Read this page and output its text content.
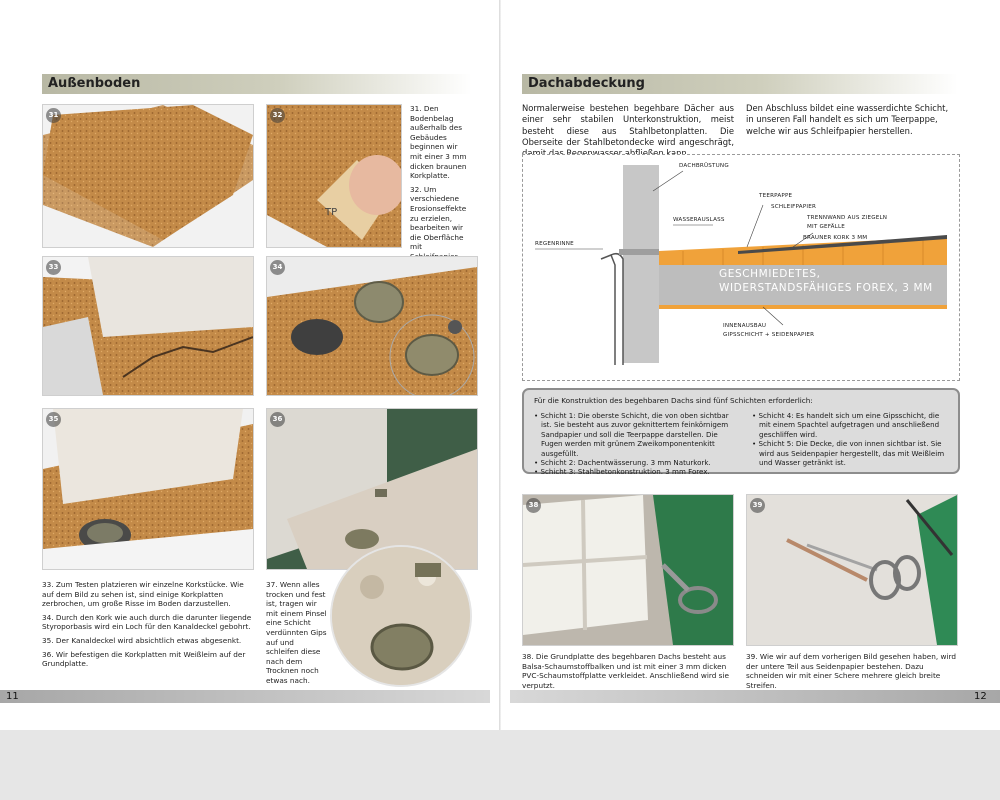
Außenboden
31
TP
32

31. Den Bodenbelag außerhalb des Gebäudes beginnen wir mit einer 3 mm dicken braunen Korkplatte.

32. Um verschiedene Erosionseffekte zu erzielen, bearbeiten wir die Oberfläche mit

33	34
35	36

33. Zum Testen platzieren wir einzelne Korkstücke. Wie auf dem Bild zu sehen ist, sind einige Korkplatten zerbrochen, um große Risse im Boden darzustellen.

34. Durch den Kork wie auch durch die darunter liegende Styroporbasis wird ein Loch für den Kanaldeckel gebohrt.

35. Der Kanaldeckel wird absichtlich etwas abgesenkt.

36. Wir befestigen die Korkplatten mit Weißleim auf der Grundplatte.

37. Wenn alles trocken und fest ist, tragen wir mit einem Pinsel eine Schicht verdünnten Gips auf und schleifen diese nach dem Trocknen noch etwas nach.
Dachabdeckung
Normalerweise bestehen begehbare Dächer aus einer sehr stabilen Unterkonstruktion, meist besteht diese aus Stahlbetonplatten. Die Oberseite der Stahlbetondecke wird angeschrägt,
Den Abschluss bildet eine wasserdichte Schicht, in unseren Fall handelt es sich um Teerpappe, welche wir aus Schleifpapier herstellen.
DACHBRÜSTUNG
TEERPAPPE
SCHLEIFPAPIER
WASSERAUSLASS	TRENNWAND AUS ZIEGELN
MIT GEFÄLLE
BRAUNER KORK 3 MM
REGENRINNE
GESCHMIEDETES,
WIDERSTANDSFÄHIGES FOREX, 3 MM
INNENAUSBAU
GIPSSCHICHT + SEIDENPAPIER
Für die Konstruktion des begehbaren Dachs sind fünf Schichten erforderlich:
• Schicht 1: Die oberste Schicht, die von oben sichtbar ist. Sie besteht aus zuvor geknittertem feinkörnigem Sandpapier und soll die Teerpappe darstellen. Die Fugen werden mit grünem Zweikomponentenkitt ausgefüllt.
• Schicht 2: Dachentwässerung. 3 mm Naturkork.
• Schicht 3: Stahlbetonkonstruktion. 3 mm Forex.
• Schicht 4: Es handelt sich um eine Gipsschicht, die mit einem Spachtel aufgetragen und anschließend geschliffen wird.
• Schicht 5: Die Decke, die von innen sichtbar ist. Sie wird aus Seidenpapier hergestellt, das mit Weißleim und Wasser getränkt ist.
38	39
38. Die Grundplatte des begehbaren Dachs besteht aus Balsa-Schaumstoffbalken und ist mit einer 3 mm dicken PVC-Schaumstoffplatte verkleidet. Anschließend wird sie verputzt.
39. Wie wir auf dem vorherigen Bild gesehen haben, wird der untere Teil aus Seidenpapier bestehen. Dazu schneiden wir mit einer Schere mehrere gleich breite Streifen.
11	12
